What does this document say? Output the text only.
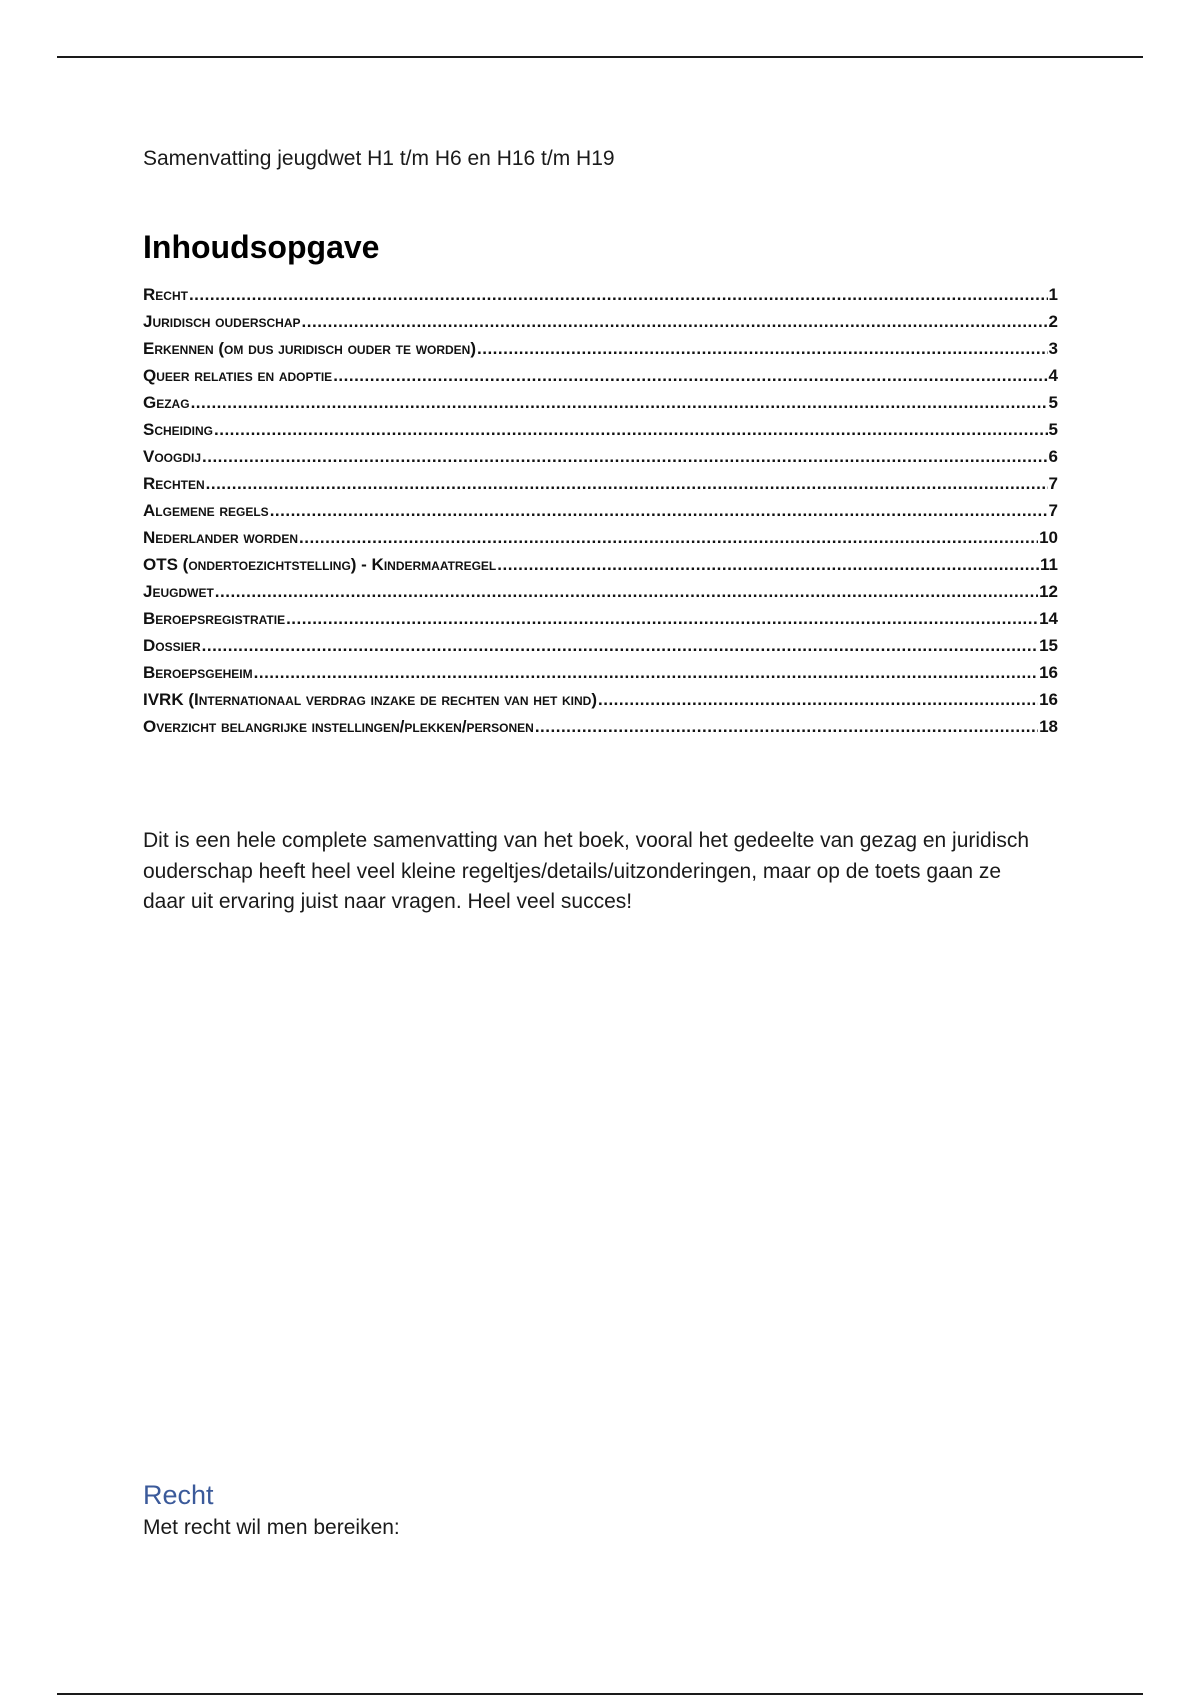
Samenvatting jeugdwet H1 t/m H6 en H16 t/m H19
Inhoudsopgave
Recht .....	1
Juridisch ouderschap .....	2
Erkennen (om dus juridisch ouder te worden) .....	3
Queer relaties en adoptie .....	4
Gezag .....	5
Scheiding .....	5
Voogdij .....	6
Rechten .....	7
Algemene regels .....	7
Nederlander worden .....	10
OTS (ondertoezichtstelling) - Kindermaatregel .....	11
Jeugdwet .....	12
Beroepsregistratie .....	14
Dossier .....	15
Beroepsgeheim .....	16
IVRK (Internationaal verdrag inzake de rechten van het kind) .....	16
Overzicht belangrijke instellingen/plekken/personen .....	18

Dit is een hele complete samenvatting van het boek, vooral het gedeelte van gezag en juridisch ouderschap heeft heel veel kleine regeltjes/details/uitzonderingen, maar op de toets gaan ze daar uit ervaring juist naar vragen. Heel veel succes!

Recht

Met recht wil men bereiken:
